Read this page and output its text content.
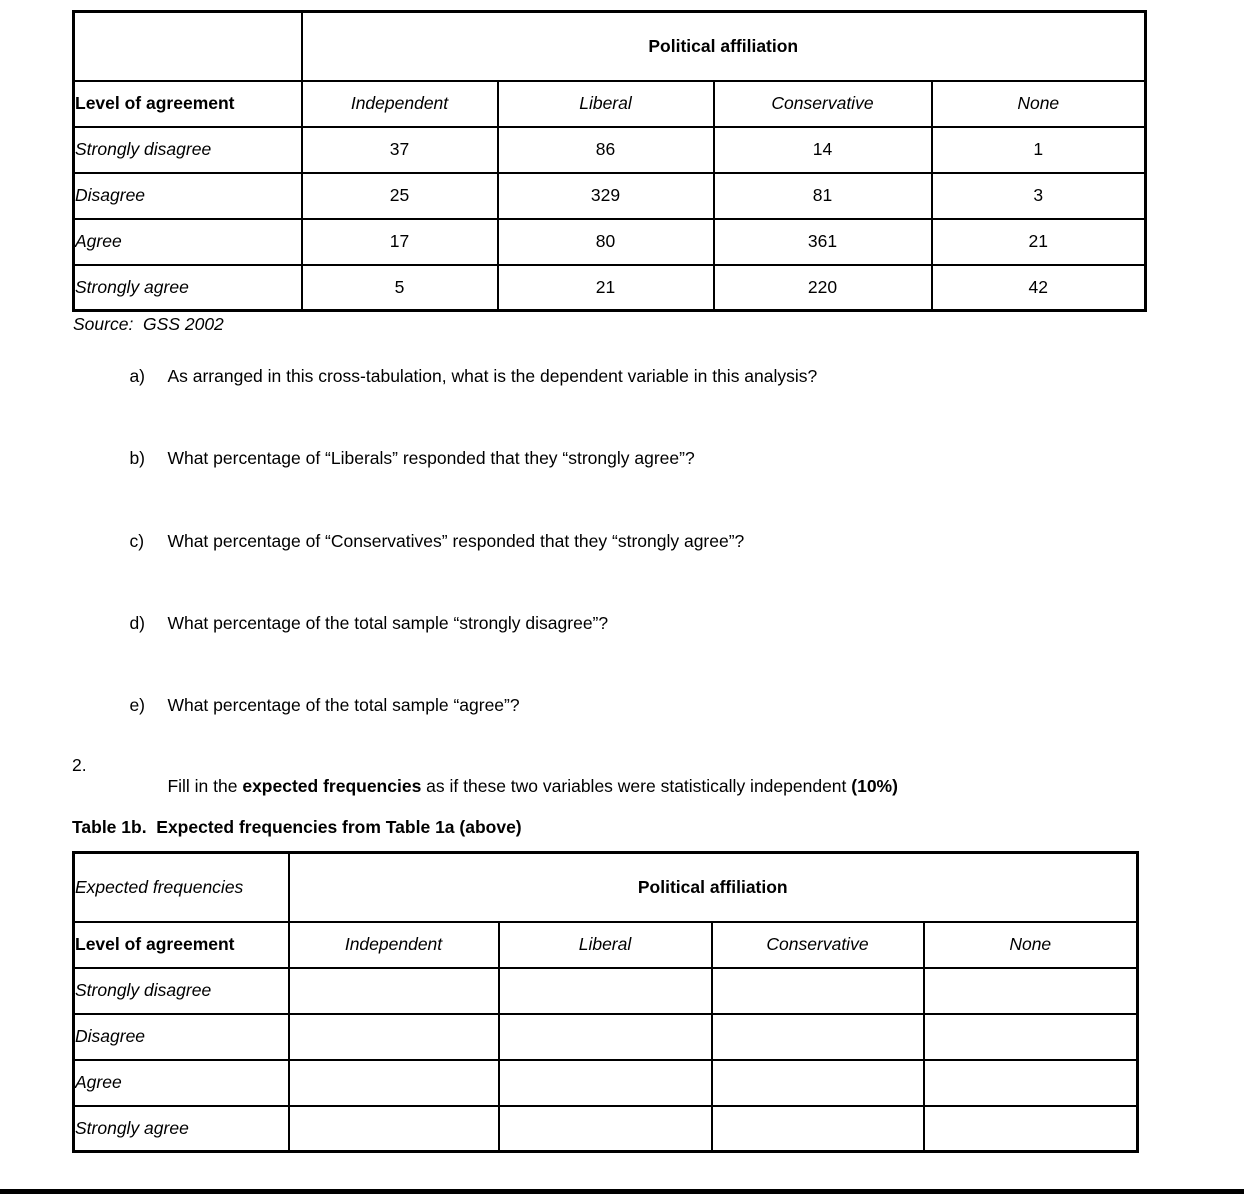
	Political affiliation			
Level of agreement	Independent	Liberal	Conservative	None
Strongly disagree	37	86	14	1
Disagree	25	329	81	3
Agree	17	80	361	21
Strongly agree	5	21	220	42
Source:  GSS 2002

a) As arranged in this cross-tabulation, what is the dependent variable in this analysis?

b) What percentage of “Liberals” responded that they “strongly agree”?

c) What percentage of “Conservatives” responded that they “strongly agree”?

d) What percentage of the total sample “strongly disagree”?

e) What percentage of the total sample “agree”?

2.

Fill in the expected frequencies as if these two variables were statistically independent (10%)

Table 1b.  Expected frequencies from Table 1a (above)
Expected frequencies	Political affiliation			
Level of agreement	Independent	Liberal	Conservative	None
Strongly disagree				
Disagree				
Agree				
Strongly agree				
